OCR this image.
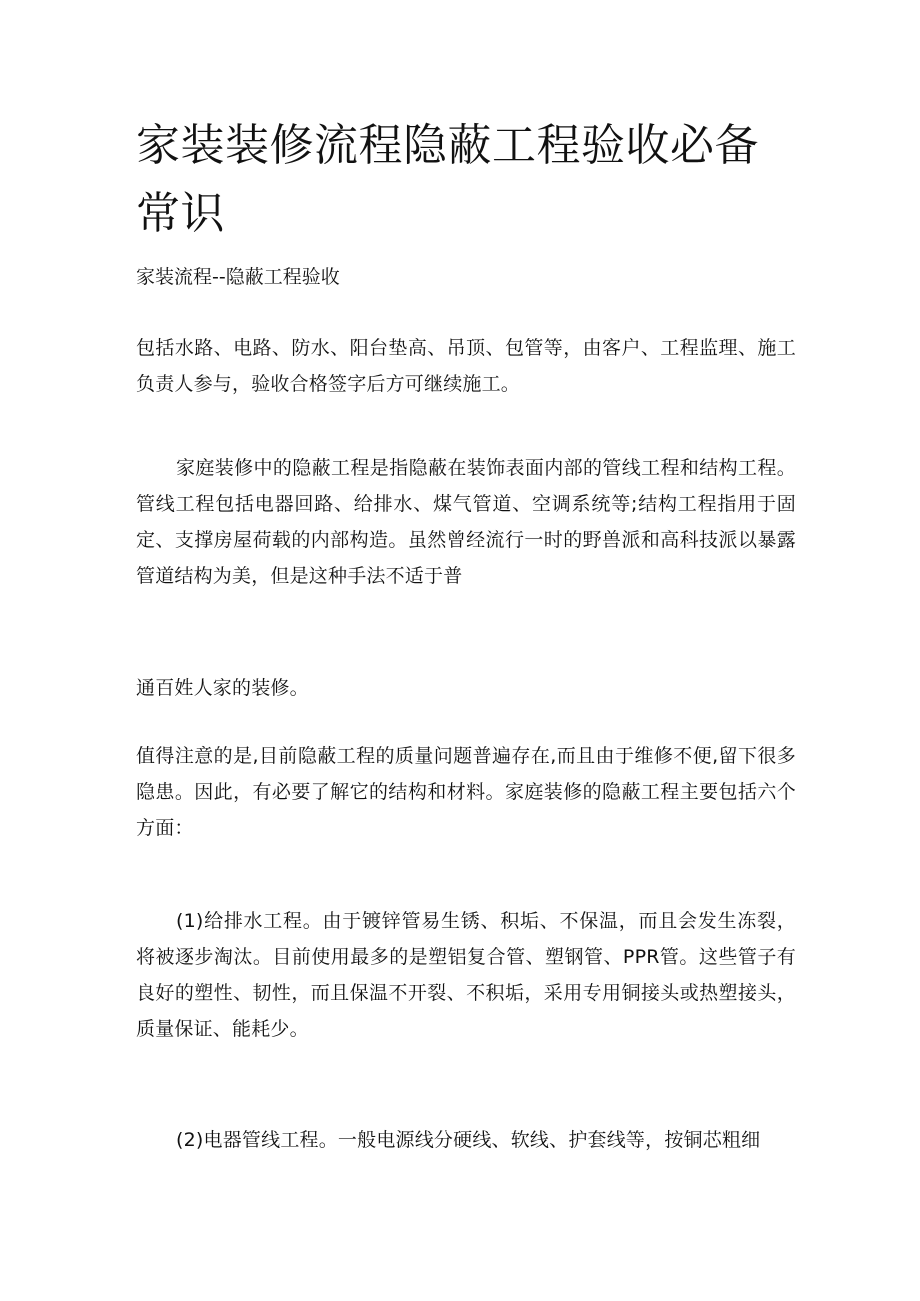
家装装修流程隐蔽工程验收必备常识

家装流程--隐蔽工程验收

包括水路、电路、防水、阳台垫高、吊顶、包管等，由客户、工程监理、施工负责人参与，验收合格签字后方可继续施工。

家庭装修中的隐蔽工程是指隐蔽在装饰表面内部的管线工程和结构工程。管线工程包括电器回路、给排水、煤气管道、空调系统等;结构工程指用于固定、支撑房屋荷载的内部构造。虽然曾经流行一时的野兽派和高科技派以暴露管道结构为美，但是这种手法不适于普

通百姓人家的装修。

值得注意的是,目前隐蔽工程的质量问题普遍存在,而且由于维修不便,留下很多隐患。因此，有必要了解它的结构和材料。家庭装修的隐蔽工程主要包括六个方面：

(1)给排水工程。由于镀锌管易生锈、积垢、不保温，而且会发生冻裂，将被逐步淘汰。目前使用最多的是塑铝复合管、塑钢管、PPR管。这些管子有良好的塑性、韧性，而且保温不开裂、不积垢，采用专用铜接头或热塑接头，质量保证、能耗少。

(2)电器管线工程。一般电源线分硬线、软线、护套线等，按铜芯粗细
